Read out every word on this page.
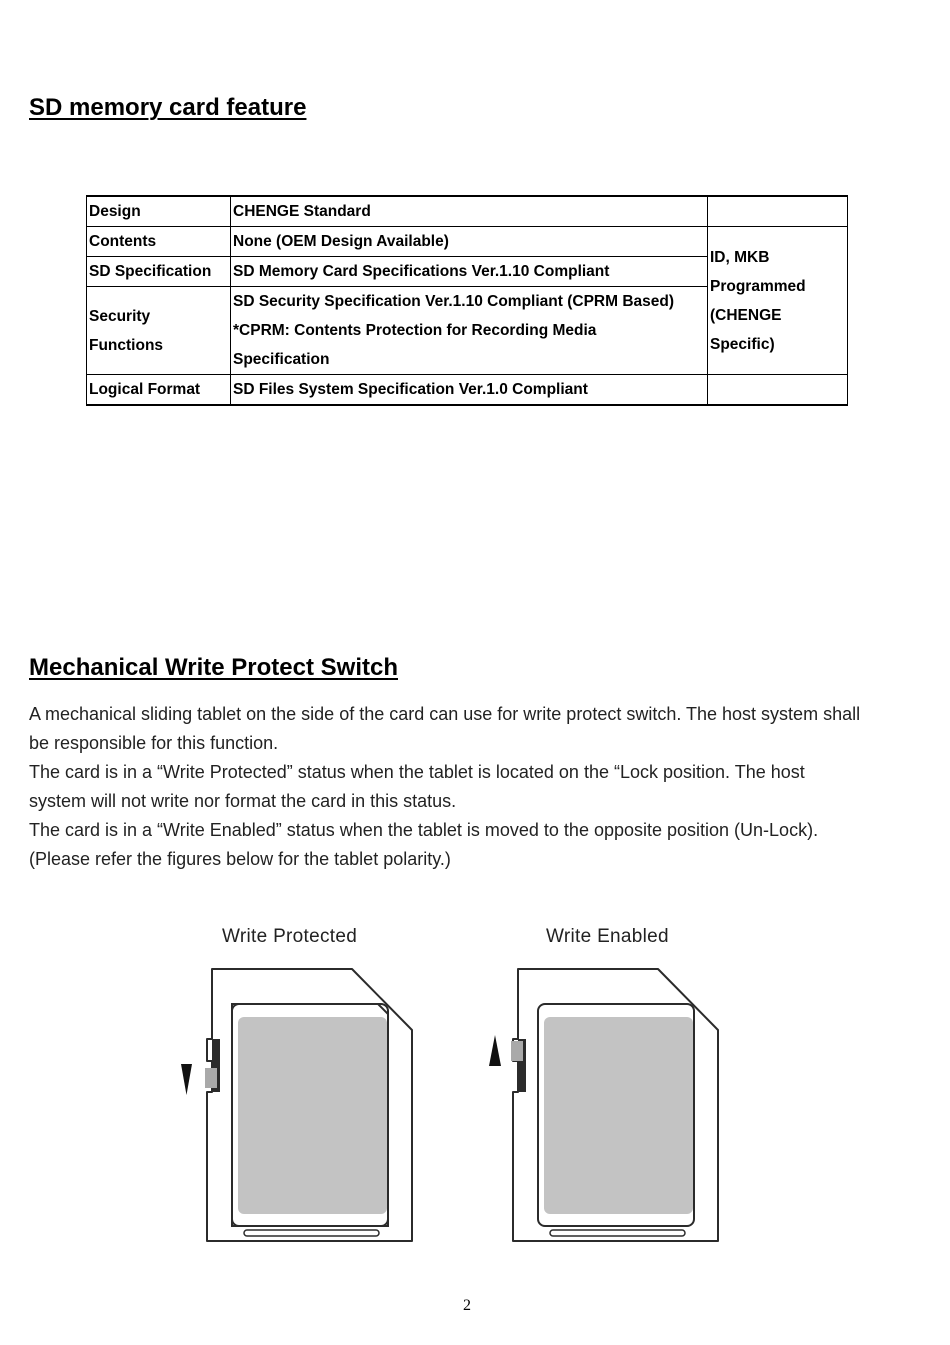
SD memory card feature
Design	CHENGE Standard	
Contents	None (OEM Design Available)	ID, MKB
Programmed
(CHENGE
Specific)

SD Specification	SD Memory Card Specifications Ver.1.10 Compliant	

Security
Functions	SD Security Specification Ver.1.10 Compliant (CPRM Based)
*CPRM: Contents Protection for Recording Media
Specification	

Logical Format	SD Files System Specification Ver.1.0 Compliant	
Mechanical Write Protect Switch

A mechanical sliding tablet on the side of the card can use for write protect switch. The host system shall

be responsible for this function.

The card is in a “Write Protected” status when the tablet is located on the “Lock position. The host

system will not write nor format the card in this status.

The card is in a “Write Enabled” status when the tablet is moved to the opposite position (Un-Lock).

(Please refer the figures below for the tablet polarity.)

Write Protected	Write Enabled
2
